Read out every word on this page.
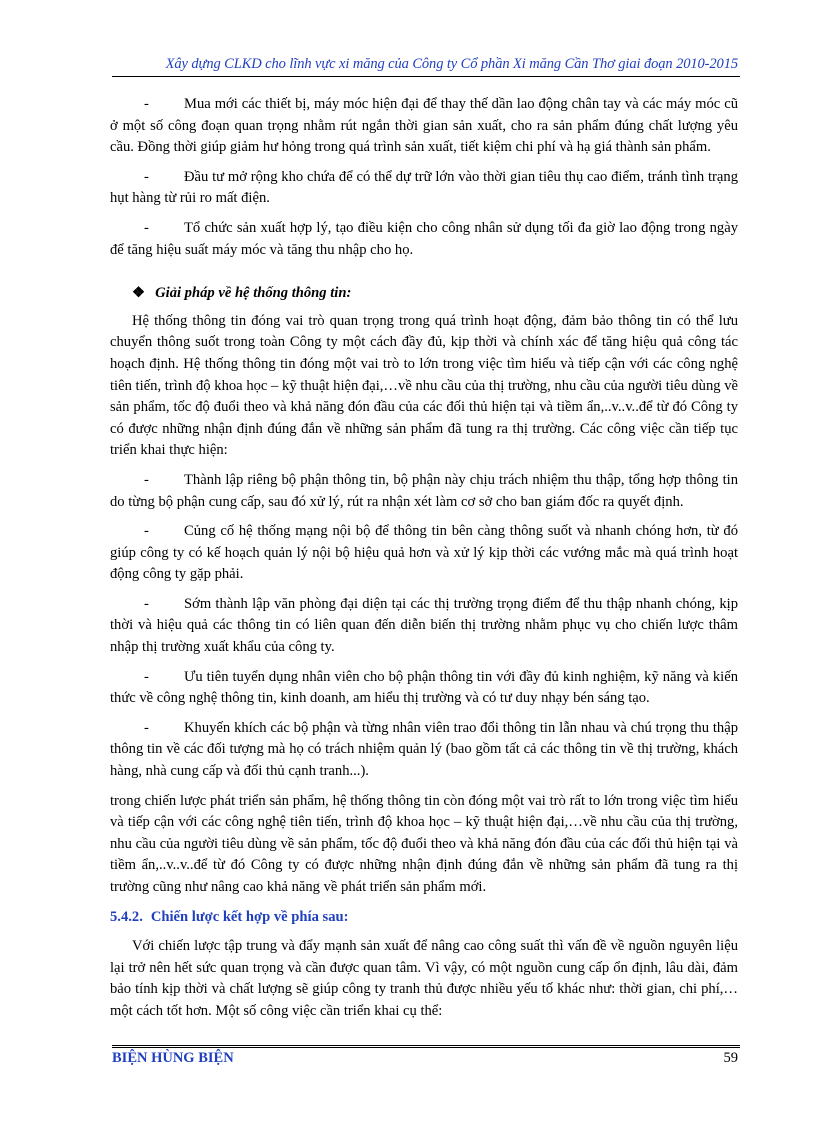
Xây dựng CLKD cho lĩnh vực xi măng của Công ty Cổ phần Xi măng Cần Thơ giai đoạn 2010-2015

- Mua mới các thiết bị, máy móc hiện đại để thay thế dần lao động chân tay và các máy móc cũ ở một số công đoạn quan trọng nhằm rút ngắn thời gian sản xuất, cho ra sản phẩm đúng chất lượng yêu cầu. Đồng thời giúp giảm hư hỏng trong quá trình sản xuất, tiết kiệm chi phí và hạ giá thành sản phẩm.

- Đầu tư mở rộng kho chứa để có thể dự trữ lớn vào thời gian tiêu thụ cao điểm, tránh tình trạng hụt hàng từ rủi ro mất điện.

- Tổ chức sản xuất hợp lý, tạo điều kiện cho công nhân sử dụng tối đa giờ lao động trong ngày để tăng hiệu suất máy móc và tăng thu nhập cho họ.

❖ Giải pháp về hệ thống thông tin:

Hệ thống thông tin đóng vai trò quan trọng trong quá trình hoạt động, đảm bảo thông tin có thể lưu chuyển thông suốt trong toàn Công ty một cách đầy đủ, kịp thời và chính xác để tăng hiệu quả công tác hoạch định. Hệ thống thông tin đóng một vai trò to lớn trong việc tìm hiểu và tiếp cận với các công nghệ tiên tiến, trình độ khoa học – kỹ thuật hiện đại,…về nhu cầu của thị trường, nhu cầu của người tiêu dùng về sản phẩm, tốc độ đuổi theo và khả năng đón đầu của các đối thủ hiện tại và tiềm ẩn,..v..v..để từ đó Công ty có được những nhận định đúng đắn về những sản phẩm đã tung ra thị trường. Các công việc cần tiếp tục triển khai thực hiện:

- Thành lập riêng bộ phận thông tin, bộ phận này chịu trách nhiệm thu thập, tổng hợp thông tin do từng bộ phận cung cấp, sau đó xử lý, rút ra nhận xét làm cơ sở cho ban giám đốc ra quyết định.

- Củng cố hệ thống mạng nội bộ để thông tin bên càng thông suốt và nhanh chóng hơn, từ đó giúp công ty có kế hoạch quản lý nội bộ hiệu quả hơn và xử lý kịp thời các vướng mắc mà quá trình hoạt động công ty gặp phải.

- Sớm thành lập văn phòng đại diện tại các thị trường trọng điểm để thu thập nhanh chóng, kịp thời và hiệu quả các thông tin có liên quan đến diễn biến thị trường nhằm phục vụ cho chiến lược thâm nhập thị trường xuất khẩu của công ty.

- Ưu tiên tuyển dụng nhân viên cho bộ phận thông tin với đầy đủ kinh nghiệm, kỹ năng và kiến thức về công nghệ thông tin, kinh doanh, am hiểu thị trường và có tư duy nhạy bén sáng tạo.

- Khuyến khích các bộ phận và từng nhân viên trao đổi thông tin lẫn nhau và chú trọng thu thập thông tin về các đối tượng mà họ có trách nhiệm quản lý (bao gồm tất cả các thông tin về thị trường, khách hàng, nhà cung cấp và đối thủ cạnh tranh...).

trong chiến lược phát triển sản phẩm, hệ thống thông tin còn đóng một vai trò rất to lớn trong việc tìm hiểu và tiếp cận với các công nghệ tiên tiến, trình độ khoa học – kỹ thuật hiện đại,…về nhu cầu của thị trường, nhu cầu của người tiêu dùng về sản phẩm, tốc độ đuổi theo và khả năng đón đầu của các đối thủ hiện tại và tiềm ẩn,..v..v..để từ đó Công ty có được những nhận định đúng đắn về những sản phẩm đã tung ra thị trường cũng như nâng cao khả năng về phát triển sản phẩm mới.

5.4.2. Chiến lược kết hợp về phía sau:

Với chiến lược tập trung và đẩy mạnh sản xuất để nâng cao công suất thì vấn đề về nguồn nguyên liệu lại trở nên hết sức quan trọng và cần được quan tâm. Vì vậy, có một nguồn cung cấp ổn định, lâu dài, đảm bảo tính kịp thời và chất lượng sẽ giúp công ty tranh thủ được nhiều yếu tố khác như: thời gian, chi phí,…một cách tốt hơn. Một số công việc cần triển khai cụ thể:

BIỆN HÙNG BIỆN	59
